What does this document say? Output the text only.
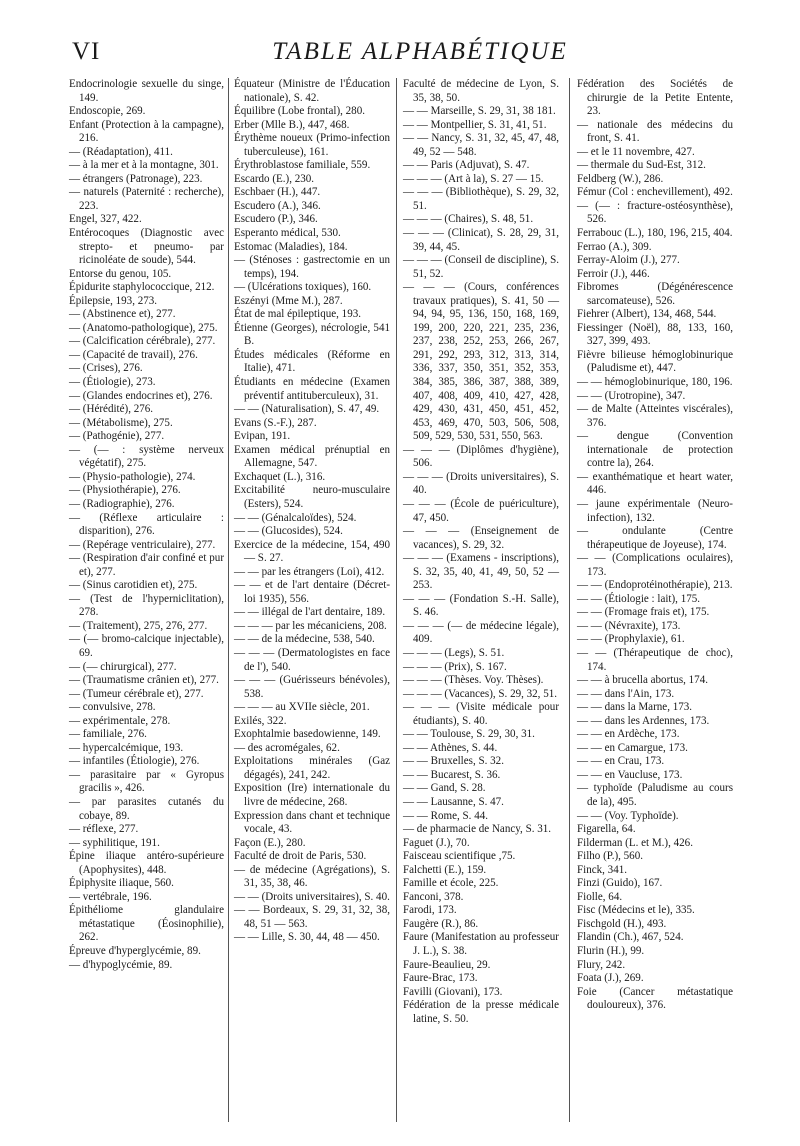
VI	TABLE ALPHABÉTIQUE

Endocrinologie sexuelle du singe, 149.

Endoscopie, 269.

Enfant (Protection à la campagne), 216.

— (Réadaptation), 411.

— à la mer et à la montagne, 301.

— étrangers (Patronage), 223.

— naturels (Paternité : recherche), 223.

Engel, 327, 422.

Entérocoques (Diagnostic avec strepto- et pneumo- par ricinoléate de soude), 544.

Entorse du genou, 105.

Épidurite staphylococcique, 212.

Épilepsie, 193, 273.

— (Abstinence et), 277.

— (Anatomo-pathologique), 275.

— (Calcification cérébrale), 277.

— (Capacité de travail), 276.

— (Crises), 276.

— (Étiologie), 273.

— (Glandes endocrines et), 276.

— (Hérédité), 276.

— (Métabolisme), 275.

— (Pathogénie), 277.

— (— : système nerveux végétatif), 275.

— (Physio-pathologie), 274.

— (Physiothérapie), 276.

— (Radiographie), 276.

— (Réflexe articulaire : disparition), 276.

— (Repérage ventriculaire), 277.

— (Respiration d'air confiné et pur et), 277.

— (Sinus carotidien et), 275.

— (Test de l'hyperniclitation), 278.

— (Traitement), 275, 276, 277.

— (— bromo-calcique injectable), 69.

— (— chirurgical), 277.

— (Traumatisme crânien et), 277.

— (Tumeur cérébrale et), 277.

— convulsive, 278.

— expérimentale, 278.

— familiale, 276.

— hypercalcémique, 193.

— infantiles (Étiologie), 276.

— parasitaire par « Gyropus gracilis », 426.

— par parasites cutanés du cobaye, 89.

— réflexe, 277.

— syphilitique, 191.

Épine iliaque antéro-supérieure (Apophysites), 448.

Épiphysite iliaque, 560.

— vertébrale, 196.

Épithéliome glandulaire métastatique (Éosinophilie), 262.

Épreuve d'hyperglycémie, 89.

— d'hypoglycémie, 89.

Équateur (Ministre de l'Éducation nationale), S. 42.

Équilibre (Lobe frontal), 280.

Erber (Mlle B.), 447, 468.

Érythème noueux (Primo-infection tuberculeuse), 161.

Érythroblastose familiale, 559.

Escardo (E.), 230.

Eschbaer (H.), 447.

Escudero (A.), 346.

Escudero (P.), 346.

Esperanto médical, 530.

Estomac (Maladies), 184.

— (Sténoses : gastrectomie en un temps), 194.

— (Ulcérations toxiques), 160.

Eszényi (Mme M.), 287.

État de mal épileptique, 193.

Étienne (Georges), nécrologie, 541 B.

Études médicales (Réforme en Italie), 471.

Étudiants en médecine (Examen préventif antituberculeux), 31.

— — (Naturalisation), S. 47, 49.

Evans (S.-F.), 287.

Evipan, 191.

Examen médical prénuptial en Allemagne, 547.

Exchaquet (L.), 316.

Excitabilité neuro-musculaire (Esters), 524.

— — (Génalcaloïdes), 524.

— — (Glucosides), 524.

Exercice de la médecine, 154, 490 — S. 27.

— — par les étrangers (Loi), 412.

— — et de l'art dentaire (Décret-loi 1935), 556.

— — illégal de l'art dentaire, 189.

— — — par les mécaniciens, 208.

— — de la médecine, 538, 540.

— — — (Dermatologistes en face de l'), 540.

— — — (Guérisseurs bénévoles), 538.

— — — au XVIIe siècle, 201.

Exilés, 322.

Exophtalmie basedowienne, 149.

— des acromégales, 62.

Exploitations minérales (Gaz dégagés), 241, 242.

Exposition (Ire) internationale du livre de médecine, 268.

Expression dans chant et technique vocale, 43.

Façon (E.), 280.

Faculté de droit de Paris, 530.

— de médecine (Agrégations), S. 31, 35, 38, 46.

— — (Droits universitaires), S. 40.

— — Bordeaux, S. 29, 31, 32, 38, 48, 51 — 563.

— — Lille, S. 30, 44, 48 — 450.

Faculté de médecine de Lyon, S. 35, 38, 50.

— — Marseille, S. 29, 31, 38 181.

— — Montpellier, S. 31, 41, 51.

— — Nancy, S. 31, 32, 45, 47, 48, 49, 52 — 548.

— — Paris (Adjuvat), S. 47.

— — — (Art à la), S. 27 — 15.

— — — (Bibliothèque), S. 29, 32, 51.

— — — (Chaires), S. 48, 51.

— — — (Clinicat), S. 28, 29, 31, 39, 44, 45.

— — — (Conseil de discipline), S. 51, 52.

— — — (Cours, conférences travaux pratiques), S. 41, 50 — 94, 94, 95, 136, 150, 168, 169, 199, 200, 220, 221, 235, 236, 237, 238, 252, 253, 266, 267, 291, 292, 293, 312, 313, 314, 336, 337, 350, 351, 352, 353, 384, 385, 386, 387, 388, 389, 407, 408, 409, 410, 427, 428, 429, 430, 431, 450, 451, 452, 453, 469, 470, 503, 506, 508, 509, 529, 530, 531, 550, 563.

— — — (Diplômes d'hygiène), 506.

— — — (Droits universitaires), S. 40.

— — — (École de puériculture), 47, 450.

— — — (Enseignement de vacances), S. 29, 32.

— — — (Examens - inscriptions), S. 32, 35, 40, 41, 49, 50, 52 — 253.

— — — (Fondation S.-H. Salle), S. 46.

— — — (— de médecine légale), 409.

— — — (Legs), S. 51.

— — — (Prix), S. 167.

— — — (Thèses. Voy. Thèses).

— — — (Vacances), S. 29, 32, 51.

— — — (Visite médicale pour étudiants), S. 40.

— — Toulouse, S. 29, 30, 31.

— — Athènes, S. 44.

— — Bruxelles, S. 32.

— — Bucarest, S. 36.

— — Gand, S. 28.

— — Lausanne, S. 47.

— — Rome, S. 44.

— de pharmacie de Nancy, S. 31.

Faguet (J.), 70.

Faisceau scientifique ,75.

Falchetti (E.), 159.

Famille et école, 225.

Fanconi, 378.

Farodi, 173.

Faugère (R.), 86.

Faure (Manifestation au professeur J. L.), S. 38.

Faure-Beaulieu, 29.

Faure-Brac, 173.

Favilli (Giovani), 173.

Fédération de la presse médicale latine, S. 50.

Fédération des Sociétés de chirurgie de la Petite Entente, 23.

— nationale des médecins du front, S. 41.

— et le 11 novembre, 427.

— thermale du Sud-Est, 312.

Feldberg (W.), 286.

Fémur (Col : enchevillement), 492.

— (— : fracture-ostéosynthèse), 526.

Ferrabouc (L.), 180, 196, 215, 404.

Ferrao (A.), 309.

Ferray-Aloim (J.), 277.

Ferroir (J.), 446.

Fibromes (Dégénérescence sarcomateuse), 526.

Fiehrer (Albert), 134, 468, 544.

Fiessinger (Noël), 88, 133, 160, 327, 399, 493.

Fièvre bilieuse hémoglobinurique (Paludisme et), 447.

— — hémoglobinurique, 180, 196.

— — (Urotropine), 347.

— de Malte (Atteintes viscérales), 376.

— dengue (Convention internationale de protection contre la), 264.

— exanthématique et heart water, 446.

— jaune expérimentale (Neuro-infection), 132.

— ondulante (Centre thérapeutique de Joyeuse), 174.

— — (Complications oculaires), 173.

— — (Endoprotéinothérapie), 213.

— — (Étiologie : lait), 175.

— — (Fromage frais et), 175.

— — (Névraxite), 173.

— — (Prophylaxie), 61.

— — (Thérapeutique de choc), 174.

— — à brucella abortus, 174.

— — dans l'Ain, 173.

— — dans la Marne, 173.

— — dans les Ardennes, 173.

— — en Ardèche, 173.

— — en Camargue, 173.

— — en Crau, 173.

— — en Vaucluse, 173.

— typhoïde (Paludisme au cours de la), 495.

— — (Voy. Typhoïde).

Figarella, 64.

Filderman (L. et M.), 426.

Filho (P.), 560.

Finck, 341.

Finzi (Guido), 167.

Fiolle, 64.

Fisc (Médecins et le), 335.

Fischgold (H.), 493.

Flandin (Ch.), 467, 524.

Flurin (H.), 99.

Flury, 242.

Foata (J.), 269.

Foie (Cancer métastatique douloureux), 376.
